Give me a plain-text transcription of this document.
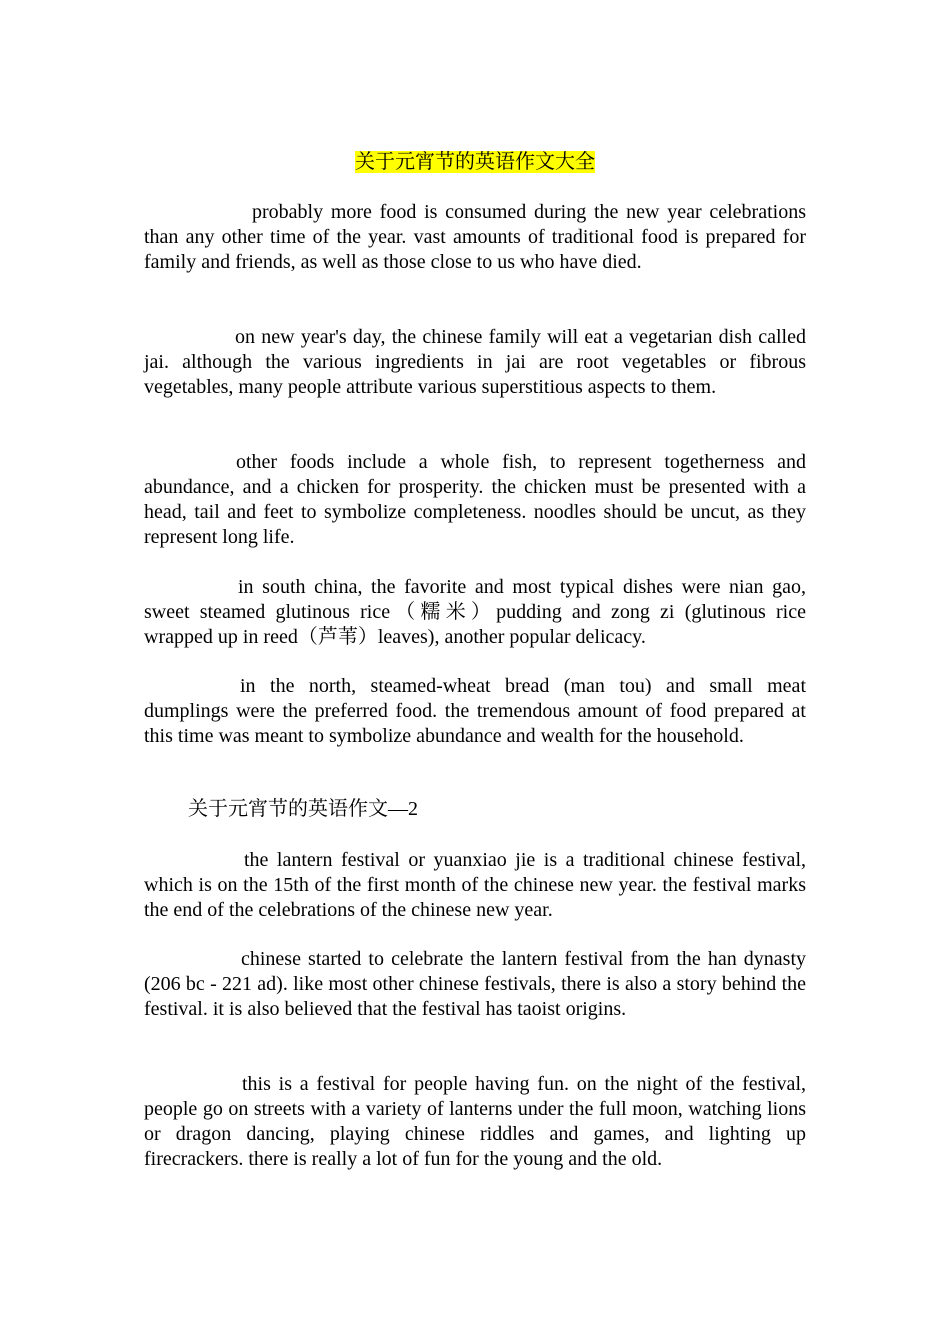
关于元宵节的英语作文大全

probably more food is consumed during the new year celebrations than any other time of the year. vast amounts of traditional food is prepared for family and friends, as well as those close to us who have died.

on new year's day, the chinese family will eat a vegetarian dish called jai. although the various ingredients in jai are root vegetables or fibrous vegetables, many people attribute various superstitious aspects to them.

other foods include a whole fish, to represent togetherness and abundance, and a chicken for prosperity. the chicken must be presented with a head, tail and feet to symbolize completeness. noodles should be uncut, as they represent long life.

in south china, the favorite and most typical dishes were nian gao, sweet steamed glutinous rice（糯米）pudding and zong zi (glutinous rice wrapped up in reed（芦苇）leaves), another popular delicacy.

in the north, steamed-wheat bread (man tou) and small meat dumplings were the preferred food. the tremendous amount of food prepared at this time was meant to symbolize abundance and wealth for the household.

关于元宵节的英语作文—2

the lantern festival or yuanxiao jie is a traditional chinese festival, which is on the 15th of the first month of the chinese new year. the festival marks the end of the celebrations of the chinese new year.

chinese started to celebrate the lantern festival from the han dynasty (206 bc - 221 ad). like most other chinese festivals, there is also a story behind the festival. it is also believed that the festival has taoist origins.

this is a festival for people having fun. on the night of the festival, people go on streets with a variety of lanterns under the full moon, watching lions or dragon dancing, playing chinese riddles and games, and lighting up firecrackers. there is really a lot of fun for the young and the old.
